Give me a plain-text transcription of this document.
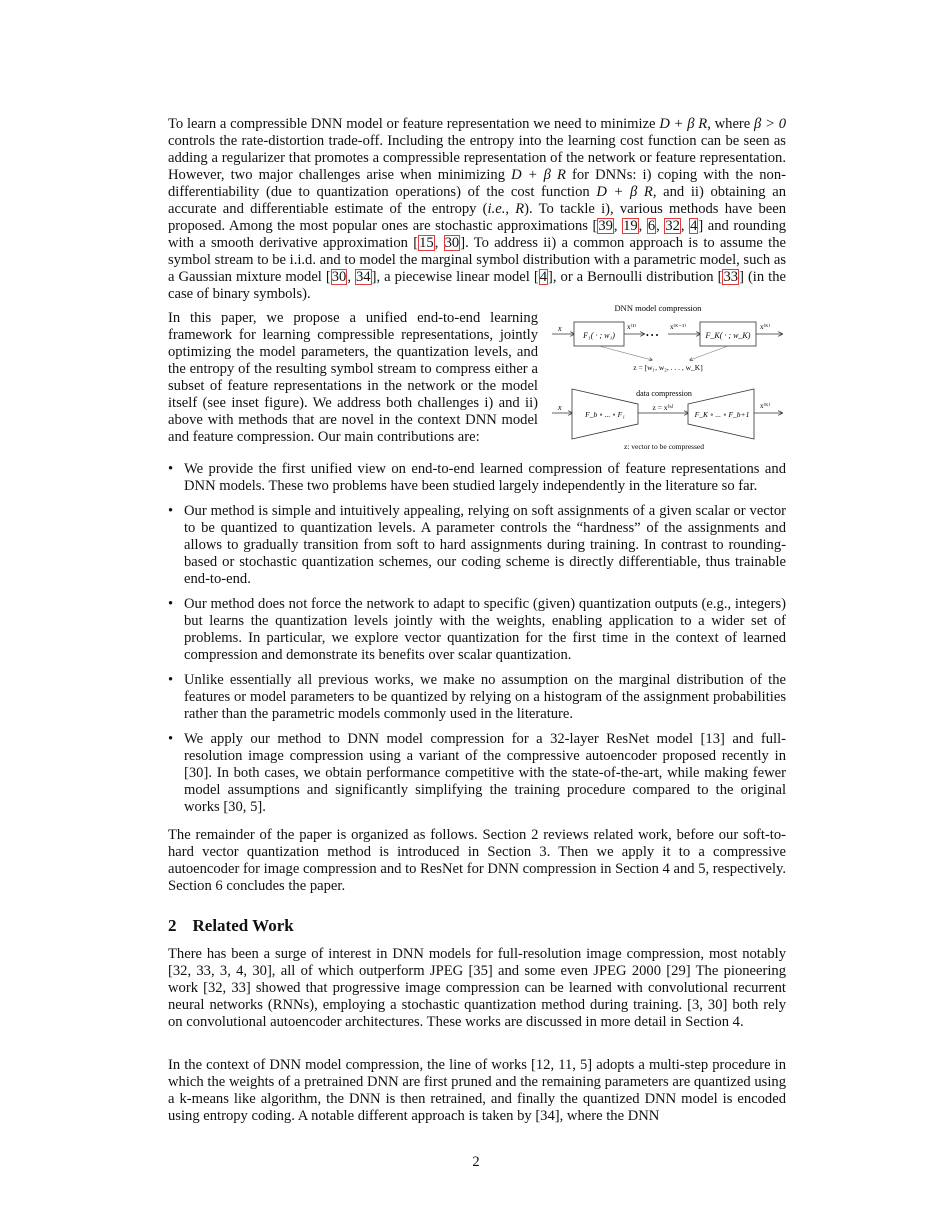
To learn a compressible DNN model or feature representation we need to minimize D + β R, where β > 0 controls the rate-distortion trade-off. Including the entropy into the learning cost function can be seen as adding a regularizer that promotes a compressible representation of the network or feature representation. However, two major challenges arise when minimizing D + β R for DNNs: i) coping with the non-differentiability (due to quantization operations) of the cost function D + β R, and ii) obtaining an accurate and differentiable estimate of the entropy (i.e., R). To tackle i), various methods have been proposed. Among the most popular ones are stochastic approximations [39, 19, 6, 32, 4] and rounding with a smooth derivative approximation [15, 30]. To address ii) a common approach is to assume the symbol stream to be i.i.d. and to model the marginal symbol distribution with a parametric model, such as a Gaussian mixture model [30, 34], a piecewise linear model [4], or a Bernoulli distribution [33] (in the case of binary symbols).

In this paper, we propose a unified end-to-end learning framework for learning compressible representations, jointly optimizing the model parameters, the quantization levels, and the entropy of the resulting symbol stream to compress either a subset of feature representations in the network or the model itself (see inset figure). We address both challenges i) and ii) above with methods that are novel in the context DNN model and feature compression. Our main contributions are:

DNN model compression
x
F₁( · ; w₁)
x⁽¹⁾
• • •
x⁽ᴷ⁻¹⁾
F_K( · ; w_K)
x⁽ᴷ⁾
z = [w₁, w₂, . . . , w_K]
data compression
x
F_b ∘ ... ∘ F₁
z = x⁽ᵇ⁾
F_K ∘ ... ∘ F_b+1
x⁽ᴷ⁾
z: vector to be compressed
• We provide the first unified view on end-to-end learned compression of feature representations and DNN models. These two problems have been studied largely independently in the literature so far.
• Our method is simple and intuitively appealing, relying on soft assignments of a given scalar or vector to be quantized to quantization levels. A parameter controls the “hardness” of the assignments and allows to gradually transition from soft to hard assignments during training. In contrast to rounding-based or stochastic quantization schemes, our coding scheme is directly differentiable, thus trainable end-to-end.
• Our method does not force the network to adapt to specific (given) quantization outputs (e.g., integers) but learns the quantization levels jointly with the weights, enabling application to a wider set of problems. In particular, we explore vector quantization for the first time in the context of learned compression and demonstrate its benefits over scalar quantization.
• Unlike essentially all previous works, we make no assumption on the marginal distribution of the features or model parameters to be quantized by relying on a histogram of the assignment probabilities rather than the parametric models commonly used in the literature.
• We apply our method to DNN model compression for a 32-layer ResNet model [13] and full-resolution image compression using a variant of the compressive autoencoder proposed recently in [30]. In both cases, we obtain performance competitive with the state-of-the-art, while making fewer model assumptions and significantly simplifying the training procedure compared to the original works [30, 5].

The remainder of the paper is organized as follows. Section 2 reviews related work, before our soft-to-hard vector quantization method is introduced in Section 3. Then we apply it to a compressive autoencoder for image compression and to ResNet for DNN compression in Section 4 and 5, respectively. Section 6 concludes the paper.

2 Related Work

There has been a surge of interest in DNN models for full-resolution image compression, most notably [32, 33, 3, 4, 30], all of which outperform JPEG [35] and some even JPEG 2000 [29] The pioneering work [32, 33] showed that progressive image compression can be learned with convolutional recurrent neural networks (RNNs), employing a stochastic quantization method during training. [3, 30] both rely on convolutional autoencoder architectures. These works are discussed in more detail in Section 4.

In the context of DNN model compression, the line of works [12, 11, 5] adopts a multi-step procedure in which the weights of a pretrained DNN are first pruned and the remaining parameters are quantized using a k-means like algorithm, the DNN is then retrained, and finally the quantized DNN model is encoded using entropy coding. A notable different approach is taken by [34], where the DNN

2
